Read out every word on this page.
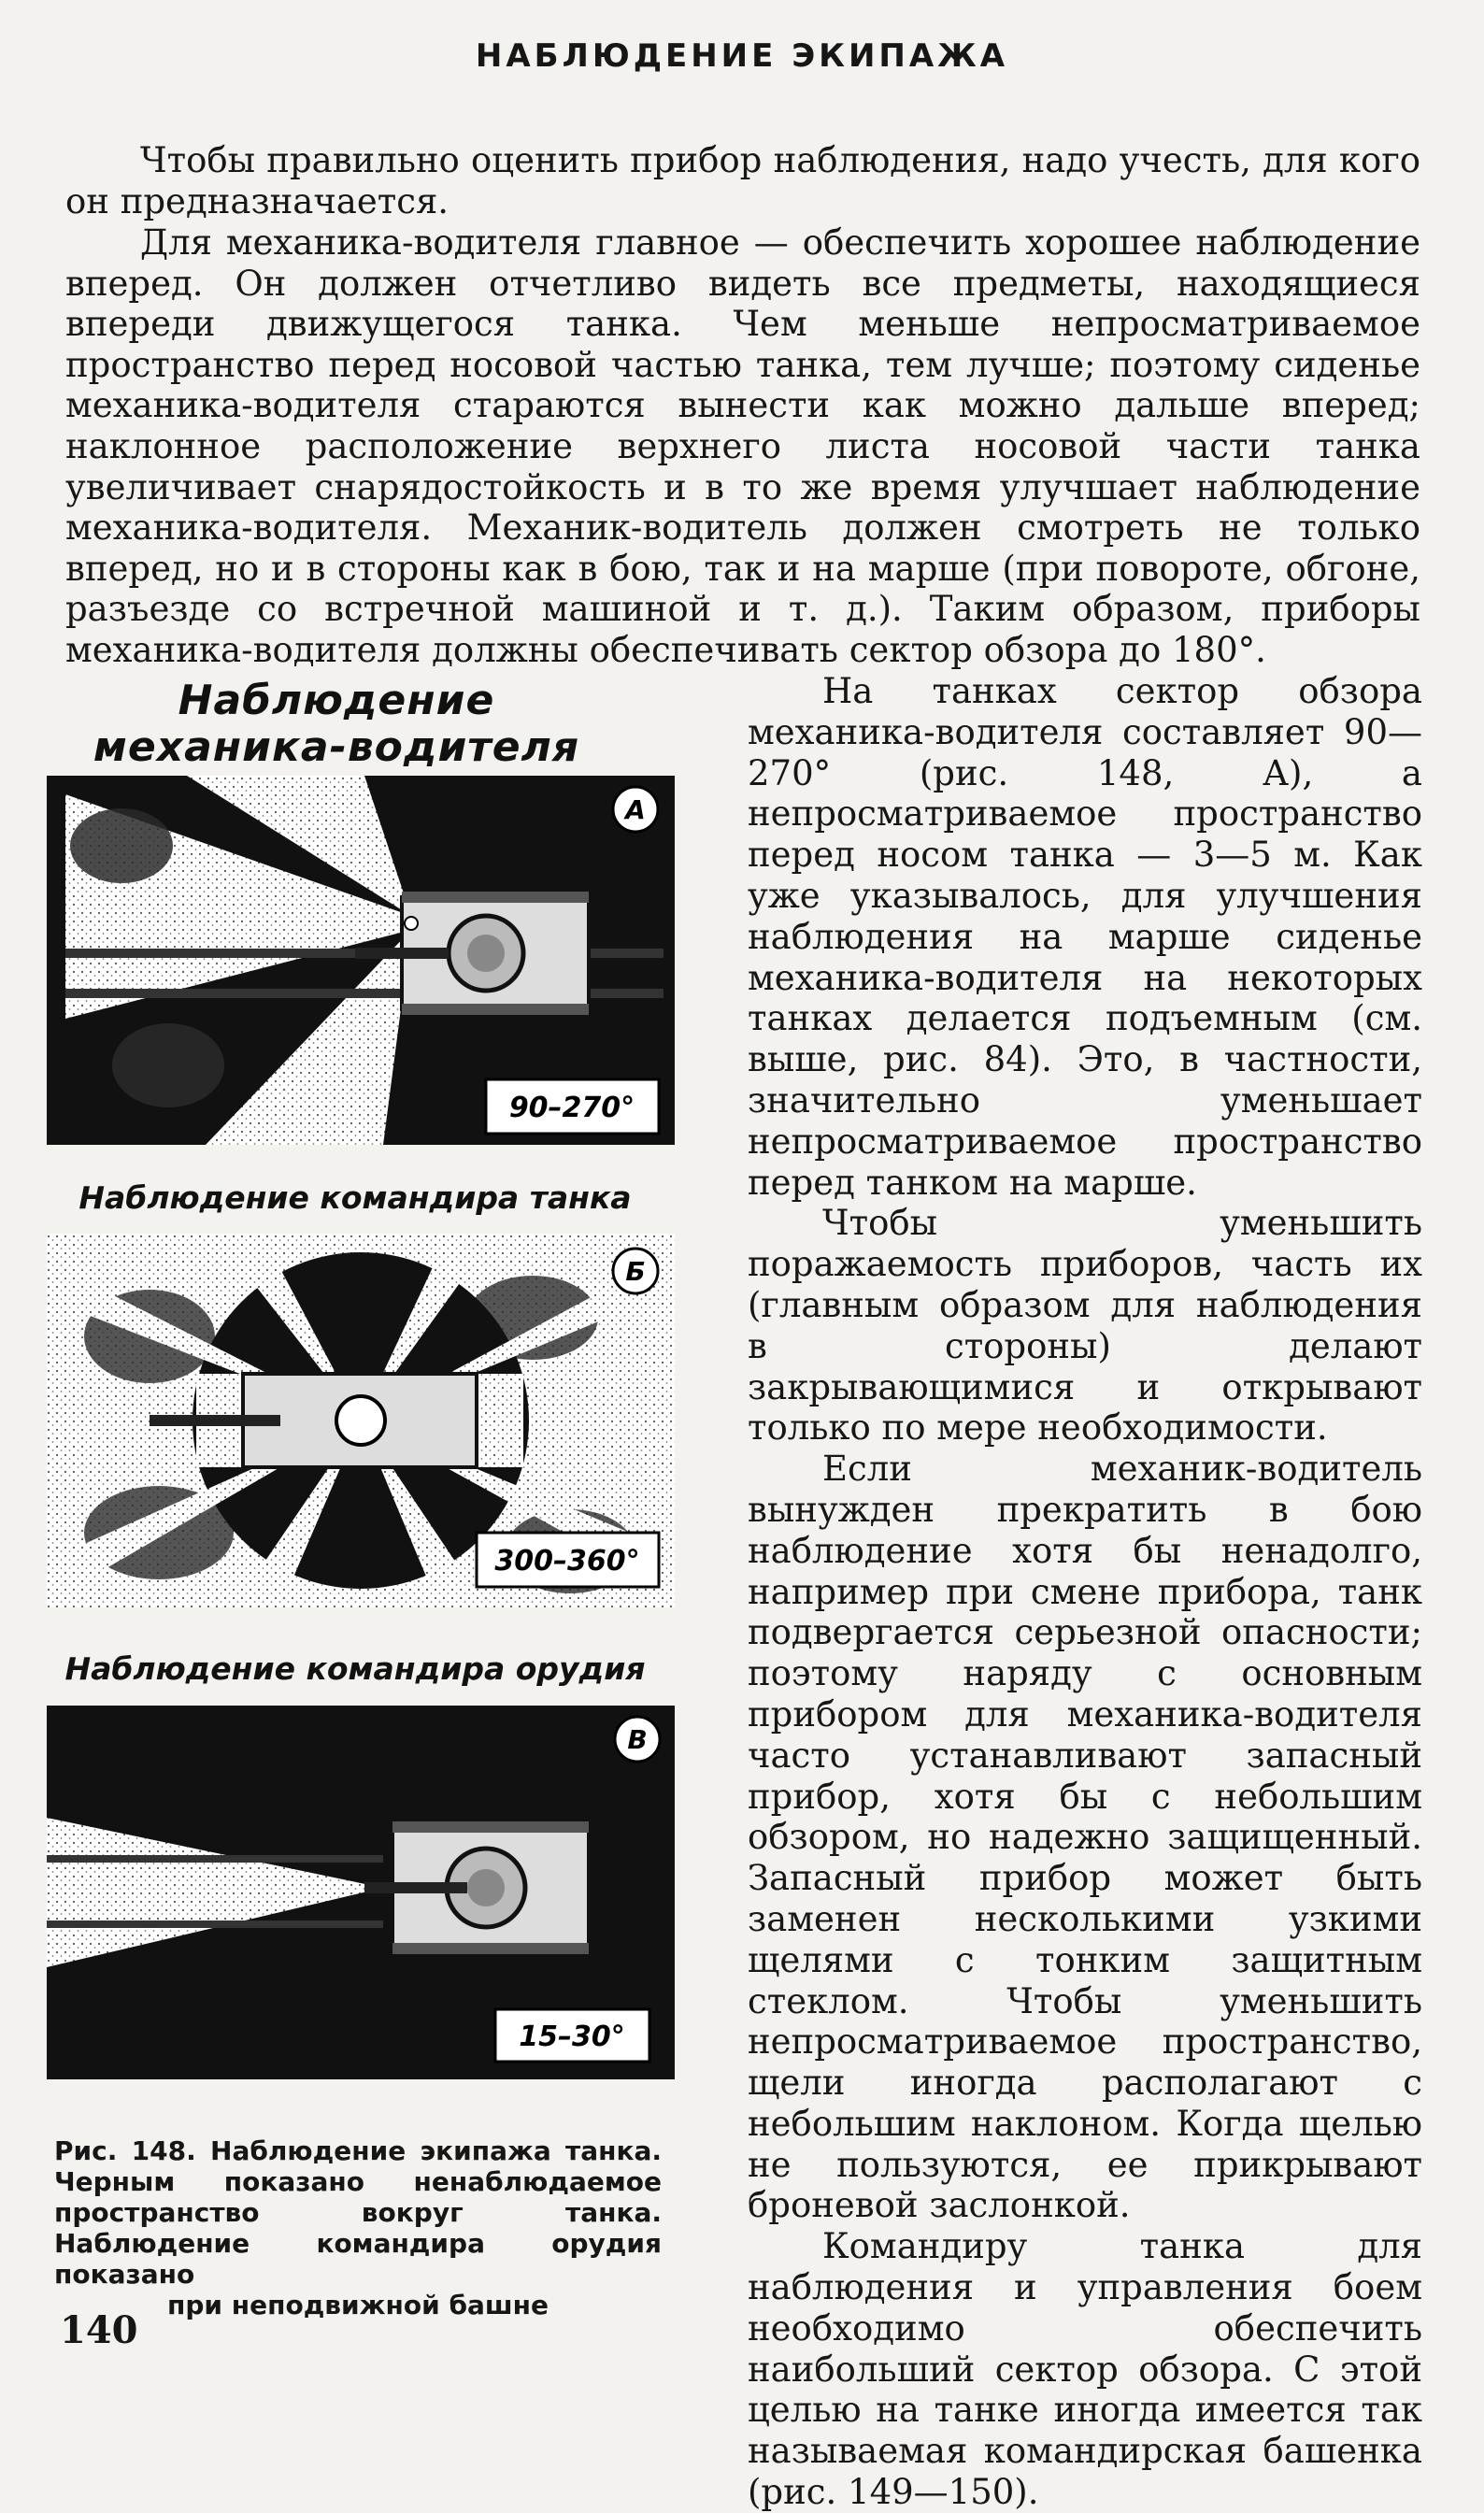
НАБЛЮДЕНИЕ ЭКИПАЖА

Чтобы правильно оценить прибор наблюдения, надо учесть, для кого он предназначается.

Для механика-водителя главное — обеспечить хорошее наблюдение вперед. Он должен отчетливо видеть все предметы, находящиеся впереди движущегося танка. Чем меньше непросматриваемое пространство перед носовой частью танка, тем лучше; поэтому сиденье механика-водителя стараются вынести как можно дальше вперед; наклонное расположение верхнего листа носовой части танка увеличивает снарядостойкость и в то же время улучшает наблюдение механика-водителя. Механик-водитель должен смотреть не только вперед, но и в стороны как в бою, так и на марше (при повороте, обгоне, разъезде со встречной машиной и т. д.). Таким образом, приборы механика-водителя должны обеспечивать сектор обзора до 180°.

Наблюдение механика-водителя
А
90–270°
Наблюдение командира танка
Б
300–360°
Наблюдение командира орудия
В
15–30°
Рис. 148. Наблюдение экипажа танка. Черным показано ненаблюдаемое пространство вокруг танка. Наблюдение командира орудия показано
при неподвижной башне

На танках сектор обзора механика-водителя составляет 90—270° (рис. 148, А), а непросматриваемое пространство перед носом танка — 3—5 м. Как уже указывалось, для улучшения наблюдения на марше сиденье механика-водителя на некоторых танках делается подъемным (см. выше, рис. 84). Это, в частности, значительно уменьшает непросматриваемое пространство перед танком на марше.

Чтобы уменьшить поражаемость приборов, часть их (главным образом для наблюдения в стороны) делают закрывающимися и открывают только по мере необходимости.

Если механик-водитель вынужден прекратить в бою наблюдение хотя бы ненадолго, например при смене прибора, танк подвергается серьезной опасности; поэтому наряду с основным прибором для механика-водителя часто устанавливают запасный прибор, хотя бы с небольшим обзором, но надежно защищенный. Запасный прибор может быть заменен несколькими узкими щелями с тонким защитным стеклом. Чтобы уменьшить непросматриваемое пространство, щели иногда располагают с небольшим наклоном. Когда щелью не пользуются, ее прикрывают броневой заслонкой.

Командиру танка для наблюдения и управления боем необходимо обеспечить наибольший сектор обзора. С этой целью на танке иногда имеется так называемая командирская башенка (рис. 149—150).

140
